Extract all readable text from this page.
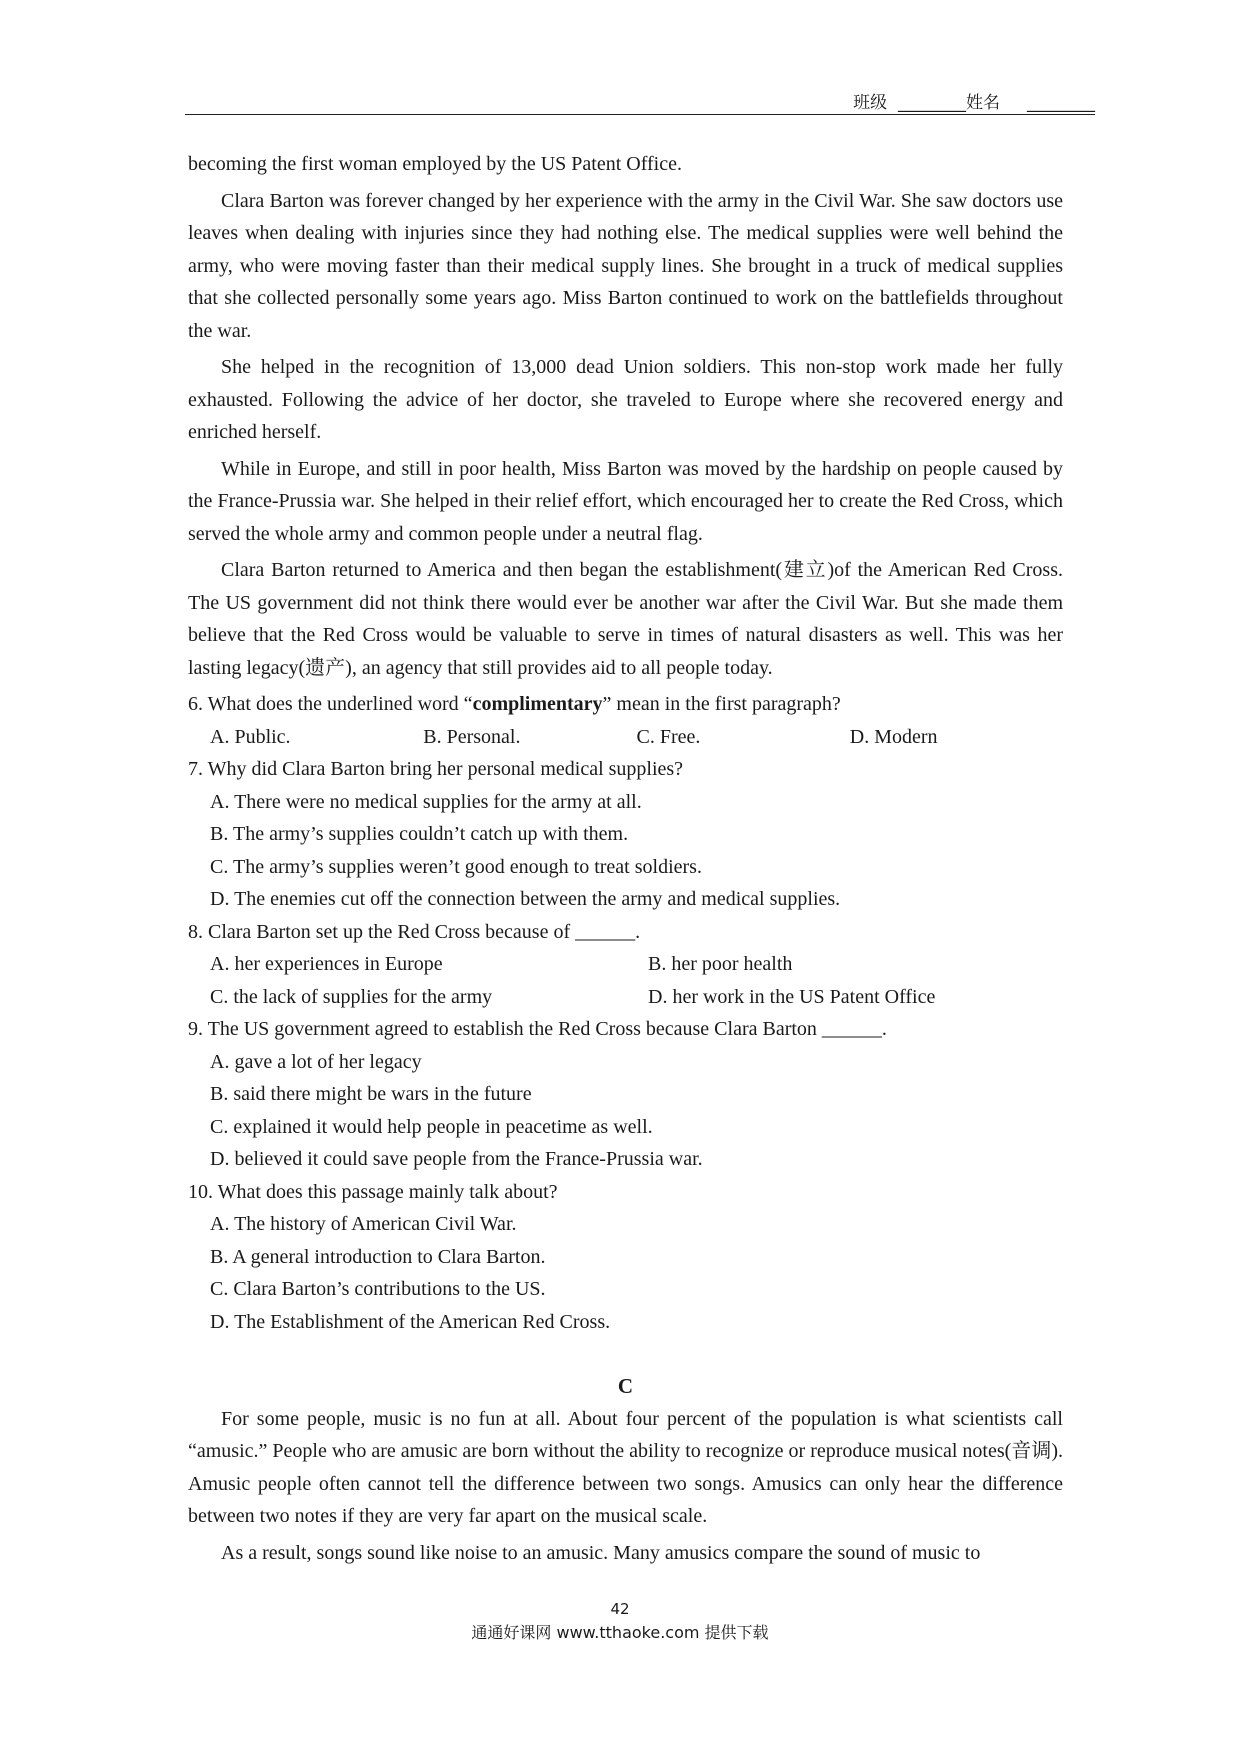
班级  ________姓名     ________

becoming the first woman employed by the US Patent Office.

Clara Barton was forever changed by her experience with the army in the Civil War. She saw doctors use leaves when dealing with injuries since they had nothing else. The medical supplies were well behind the army, who were moving faster than their medical supply lines. She brought in a truck of medical supplies that she collected personally some years ago. Miss Barton continued to work on the battlefields throughout the war.

She helped in the recognition of 13,000 dead Union soldiers. This non-stop work made her fully exhausted. Following the advice of her doctor, she traveled to Europe where she recovered energy and enriched herself.

While in Europe, and still in poor health, Miss Barton was moved by the hardship on people caused by the France-Prussia war. She helped in their relief effort, which encouraged her to create the Red Cross, which served the whole army and common people under a neutral flag.

Clara Barton returned to America and then began the establishment(建立)of the American Red Cross. The US government did not think there would ever be another war after the Civil War. But she made them believe that the Red Cross would be valuable to serve in times of natural disasters as well. This was her lasting legacy(遗产), an agency that still provides aid to all people today.

6. What does the underlined word “complimentary” mean in the first paragraph?

A. Public.	B. Personal.	C. Free.	D. Modern

7. Why did Clara Barton bring her personal medical supplies?

A. There were no medical supplies for the army at all.

B. The army’s supplies couldn’t catch up with them.

C. The army’s supplies weren’t good enough to treat soldiers.

D. The enemies cut off the connection between the army and medical supplies.

8. Clara Barton set up the Red Cross because of ______.

A. her experiences in Europe	B. her poor health
C. the lack of supplies for the army	D. her work in the US Patent Office

9. The US government agreed to establish the Red Cross because Clara Barton ______.

A. gave a lot of her legacy

B. said there might be wars in the future

C. explained it would help people in peacetime as well.

D. believed it could save people from the France-Prussia war.

10. What does this passage mainly talk about?

A. The history of American Civil War.

B. A general introduction to Clara Barton.

C. Clara Barton’s contributions to the US.

D. The Establishment of the American Red Cross.

C

For some people, music is no fun at all. About four percent of the population is what scientists call “amusic.” People who are amusic are born without the ability to recognize or reproduce musical notes(音调). Amusic people often cannot tell the difference between two songs. Amusics can only hear the difference between two notes if they are very far apart on the musical scale.

As a result, songs sound like noise to an amusic. Many amusics compare the sound of music to

42
通通好课网 www.tthaoke.com 提供下载
